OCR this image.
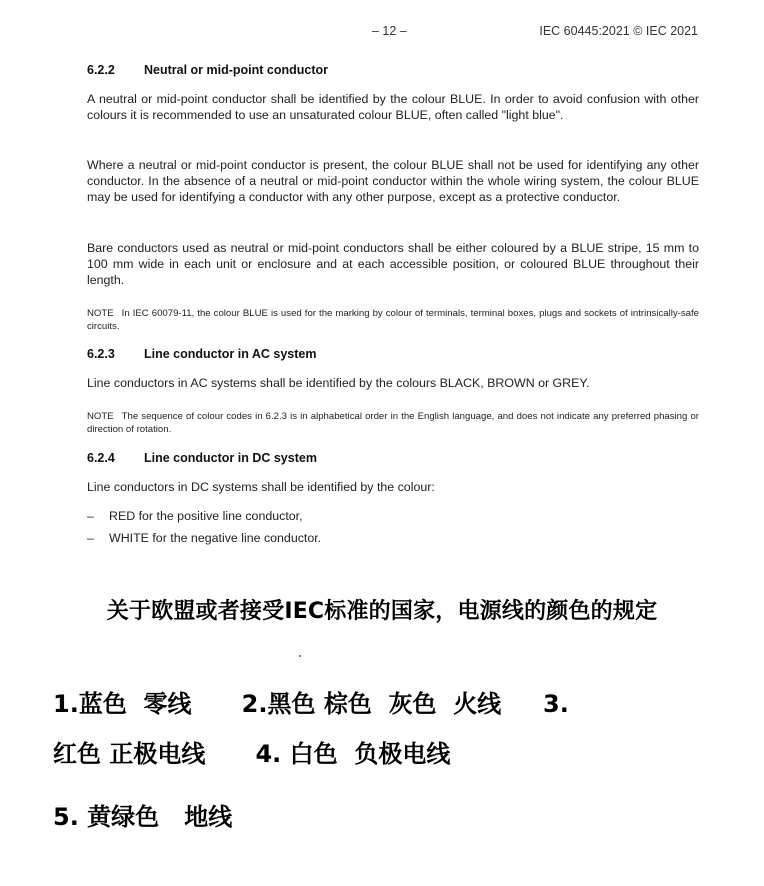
– 12 –	IEC 60445:2021 © IEC 2021
6.2.2 Neutral or mid-point conductor
A neutral or mid-point conductor shall be identified by the colour BLUE. In order to avoid confusion with other colours it is recommended to use an unsaturated colour BLUE, often called "light blue".
Where a neutral or mid-point conductor is present, the colour BLUE shall not be used for identifying any other conductor. In the absence of a neutral or mid-point conductor within the whole wiring system, the colour BLUE may be used for identifying a conductor with any other purpose, except as a protective conductor.
Bare conductors used as neutral or mid-point conductors shall be either coloured by a BLUE stripe, 15 mm to 100 mm wide in each unit or enclosure and at each accessible position, or coloured BLUE throughout their length.
NOTE In IEC 60079-11, the colour BLUE is used for the marking by colour of terminals, terminal boxes, plugs and sockets of intrinsically-safe circuits.
6.2.3 Line conductor in AC system
Line conductors in AC systems shall be identified by the colours BLACK, BROWN or GREY.
NOTE The sequence of colour codes in 6.2.3 is in alphabetical order in the English language, and does not indicate any preferred phasing or direction of rotation.
6.2.4 Line conductor in DC system
Line conductors in DC systems shall be identified by the colour:
– RED for the positive line conductor,
– WHITE for the negative line conductor.
关于欧盟或者接受IEC标准的国家，电源线的颜色的规定
1.蓝色  零线      2.黑色 棕色  灰色  火线     3.
红色 正极电线      4. 白色  负极电线
5. 黄绿色   地线
